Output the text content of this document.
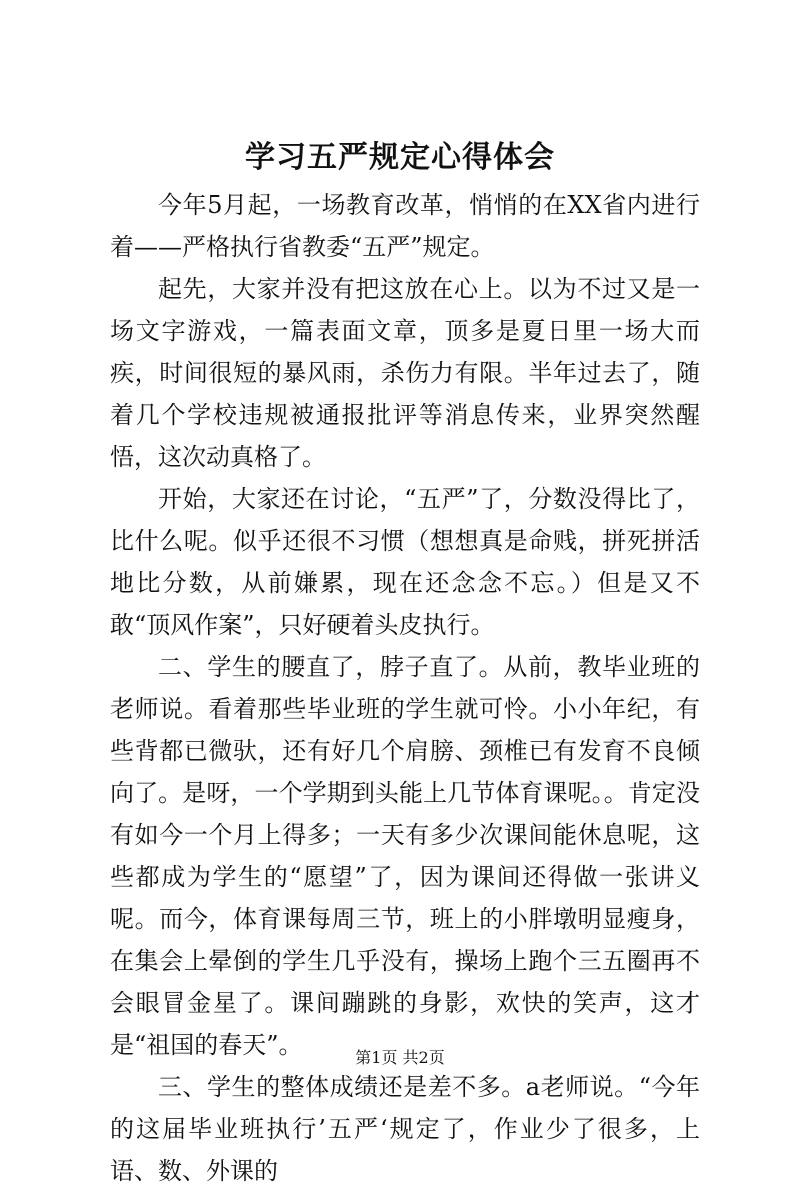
学习五严规定心得体会

今年5月起，一场教育改革，悄悄的在XX省内进行着——严格执行省教委“五严”规定。

起先，大家并没有把这放在心上。以为不过又是一场文字游戏，一篇表面文章，顶多是夏日里一场大而疾，时间很短的暴风雨，杀伤力有限。半年过去了，随着几个学校违规被通报批评等消息传来，业界突然醒悟，这次动真格了。

开始，大家还在讨论，“五严”了，分数没得比了，比什么呢。似乎还很不习惯（想想真是命贱，拼死拼活地比分数，从前嫌累，现在还念念不忘。）但是又不敢“顶风作案”，只好硬着头皮执行。

二、学生的腰直了，脖子直了。从前，教毕业班的老师说。看着那些毕业班的学生就可怜。小小年纪，有些背都已微驮，还有好几个肩膀、颈椎已有发育不良倾向了。是呀，一个学期到头能上几节体育课呢。。肯定没有如今一个月上得多；一天有多少次课间能休息呢，这些都成为学生的“愿望”了，因为课间还得做一张讲义呢。而今，体育课每周三节，班上的小胖墩明显瘦身，在集会上晕倒的学生几乎没有，操场上跑个三五圈再不会眼冒金星了。课间蹦跳的身影，欢快的笑声，这才是“祖国的春天”。

三、学生的整体成绩还是差不多。a老师说。“今年的这届毕业班执行’五严‘规定了，作业少了很多，上语、数、外课的

第1页 共2页
